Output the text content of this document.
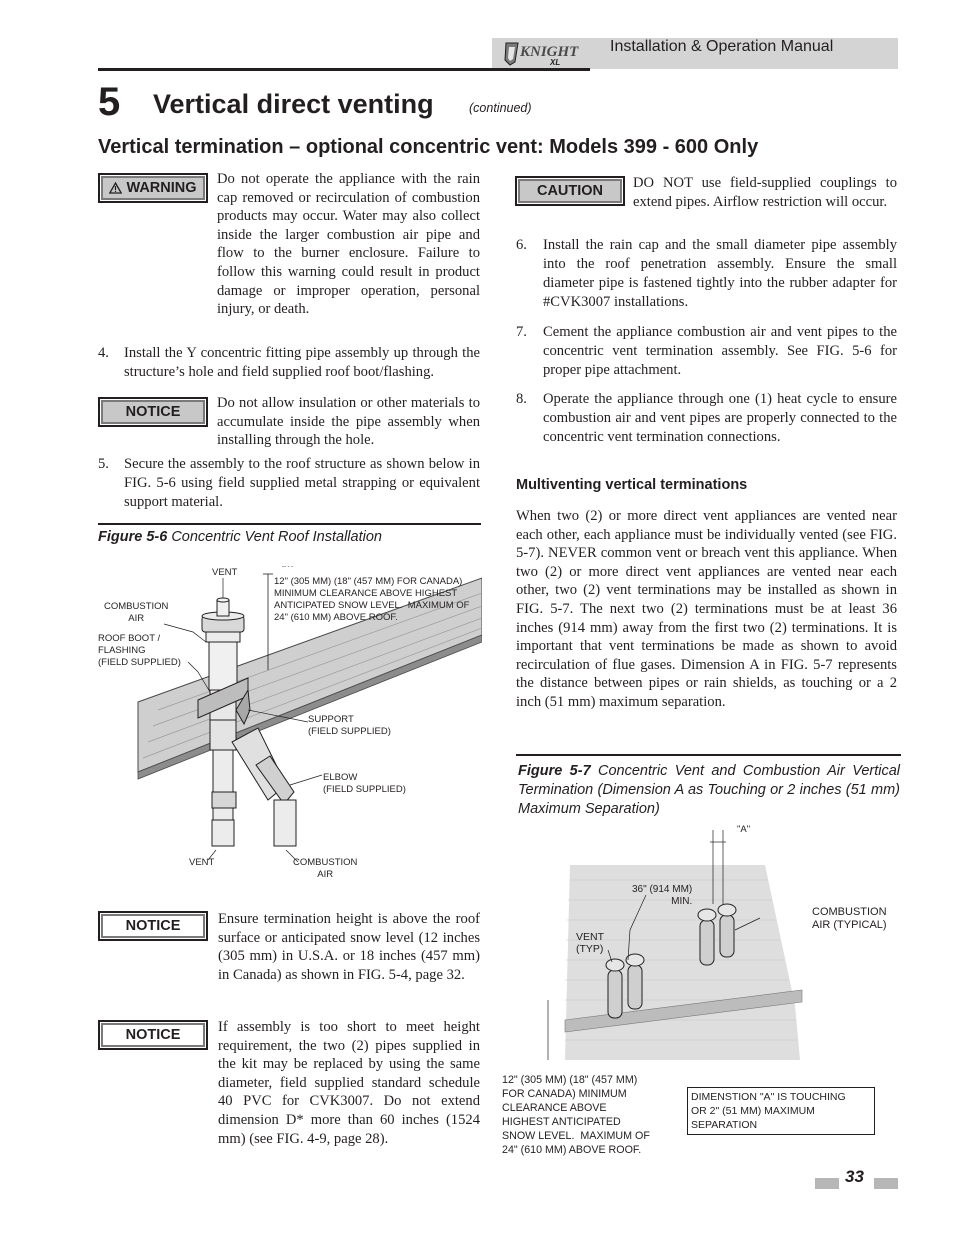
KNIGHT
XL
Installation & Operation Manual
5 Vertical direct venting	(continued)
Vertical termination – optional concentric vent: Models 399 - 600 Only
WARNING
Do not operate the appliance with the rain cap removed or recirculation of combustion products may occur. Water may also collect inside the larger combustion air pipe and flow to the burner enclosure. Failure to follow this warning could result in product damage or improper operation, personal injury, or death.
4. Install the Y concentric fitting pipe assembly up through the structure’s hole and field supplied roof boot/flashing.
NOTICE
Do not allow insulation or other materials to accumulate inside the pipe assembly when installing through the hole.
5. Secure the assembly to the roof structure as shown below in FIG. 5-6 using field supplied metal strapping or equivalent support material.
Figure 5-6 Concentric Vent Roof Installation
-- - -
VENT
12" (305 MM) (18" (457 MM) FOR CANADA)
MINIMUM CLEARANCE ABOVE HIGHEST
ANTICIPATED SNOW LEVEL.  MAXIMUM OF
24" (610 MM) ABOVE ROOF.
COMBUSTION
AIR
ROOF BOOT /
FLASHING
(FIELD SUPPLIED)
SUPPORT
(FIELD SUPPLIED)
ELBOW
(FIELD SUPPLIED)
VENT	COMBUSTION
AIR
NOTICE	Ensure termination height is above the roof surface or anticipated snow level (12 inches (305 mm) in U.S.A. or 18 inches (457 mm) in Canada) as shown in FIG. 5-4, page 32.
NOTICE	If assembly is too short to meet height requirement, the two (2) pipes supplied in the kit may be replaced by using the same diameter, field supplied standard schedule 40 PVC for CVK3007. Do not extend dimension D* more than 60 inches (1524 mm) (see FIG. 4-9, page 28).
CAUTION DO NOT use field-supplied couplings to extend pipes. Airflow restriction will occur.
6. Install the rain cap and the small diameter pipe assembly into the roof penetration assembly. Ensure the small diameter pipe is fastened tightly into the rubber adapter for #CVK3007 installations.
7. Cement the appliance combustion air and vent pipes to the concentric vent termination assembly. See FIG. 5-6 for proper pipe attachment.
8. Operate the appliance through one (1) heat cycle to ensure combustion air and vent pipes are properly connected to the concentric vent termination connections.
Multiventing vertical terminations
When two (2) or more direct vent appliances are vented near each other, each appliance must be individually vented (see FIG. 5-7). NEVER common vent or breach vent this appliance. When two (2) or more direct vent appliances are vented near each other, two (2) vent terminations may be installed as shown in FIG. 5-7. The next two (2) terminations must be at least 36 inches (914 mm) away from the first two (2) terminations. It is important that vent terminations be made as shown to avoid recirculation of flue gases. Dimension A in FIG. 5-7 represents the distance between pipes or rain shields, as touching or a 2 inch (51 mm) maximum separation.
Figure 5-7 Concentric Vent and Combustion Air Vertical Termination (Dimension A as Touching or 2 inches (51 mm) Maximum Separation)
"A"
36" (914 MM)
MIN.
COMBUSTION
AIR (TYPICAL)
VENT
(TYP)
12" (305 MM) (18" (457 MM)
FOR CANADA) MINIMUM
CLEARANCE ABOVE
HIGHEST ANTICIPATED
SNOW LEVEL.  MAXIMUM OF
24" (610 MM) ABOVE ROOF.
DIMENSTION "A" IS TOUCHING
OR 2" (51 MM) MAXIMUM
SEPARATION
33
